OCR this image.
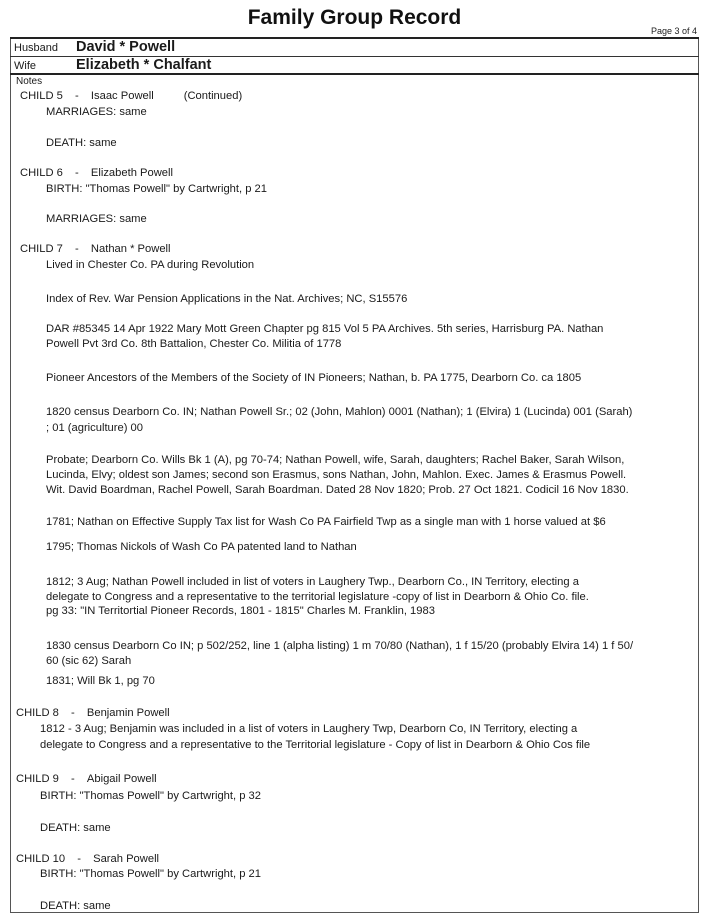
Family Group Record
Page 3 of 4
Husband David * Powell
Wife	Elizabeth * Chalfant
Notes
CHILD 5 - Isaac Powell	(Continued)
MARRIAGES: same
DEATH: same
CHILD 6 - Elizabeth Powell
BIRTH: "Thomas Powell" by Cartwright, p 21
MARRIAGES: same
CHILD 7 - Nathan * Powell
Lived in Chester Co. PA during Revolution
Index of Rev. War Pension Applications in the Nat. Archives; NC, S15576
DAR #85345 14 Apr 1922 Mary Mott Green Chapter pg 815 Vol 5 PA Archives. 5th series, Harrisburg PA. Nathan
Powell Pvt 3rd Co. 8th Battalion, Chester Co. Militia of 1778
Pioneer Ancestors of the Members of the Society of IN Pioneers; Nathan, b. PA 1775, Dearborn Co. ca 1805
1820 census Dearborn Co. IN; Nathan Powell Sr.; 02 (John, Mahlon) 0001 (Nathan); 1 (Elvira) 1 (Lucinda) 001 (Sarah)
; 01 (agriculture) 00
Probate; Dearborn Co. Wills Bk 1 (A), pg 70-74; Nathan Powell, wife, Sarah, daughters; Rachel Baker, Sarah Wilson,
Lucinda, Elvy; oldest son James; second son Erasmus, sons Nathan, John, Mahlon. Exec. James & Erasmus Powell.
Wit. David Boardman, Rachel Powell, Sarah Boardman. Dated 28 Nov 1820; Prob. 27 Oct 1821. Codicil 16 Nov 1830.
1781; Nathan on Effective Supply Tax list for Wash Co PA Fairfield Twp as a single man with 1 horse valued at $6
1795; Thomas Nickols of Wash Co PA patented land to Nathan
1812; 3 Aug; Nathan Powell included in list of voters in Laughery Twp., Dearborn Co., IN Territory, electing a
delegate to Congress and a representative to the territorial legislature -copy of list in Dearborn & Ohio Co. file.
pg 33: "IN Territortial Pioneer Records, 1801 - 1815" Charles M. Franklin, 1983
1830 census Dearborn Co IN; p 502/252, line 1 (alpha listing) 1 m 70/80 (Nathan), 1 f 15/20 (probably Elvira 14) 1 f 50/
60 (sic 62) Sarah
1831; Will Bk 1, pg 70
CHILD 8 - Benjamin Powell
1812 - 3 Aug; Benjamin was included in a list of voters in Laughery Twp, Dearborn Co, IN Territory, electing a
delegate to Congress and a representative to the Territorial legislature - Copy of list in Dearborn & Ohio Cos file
CHILD 9 - Abigail Powell
BIRTH: "Thomas Powell" by Cartwright, p 32
DEATH: same
CHILD 10 - Sarah Powell
BIRTH: "Thomas Powell" by Cartwright, p 21
DEATH: same
